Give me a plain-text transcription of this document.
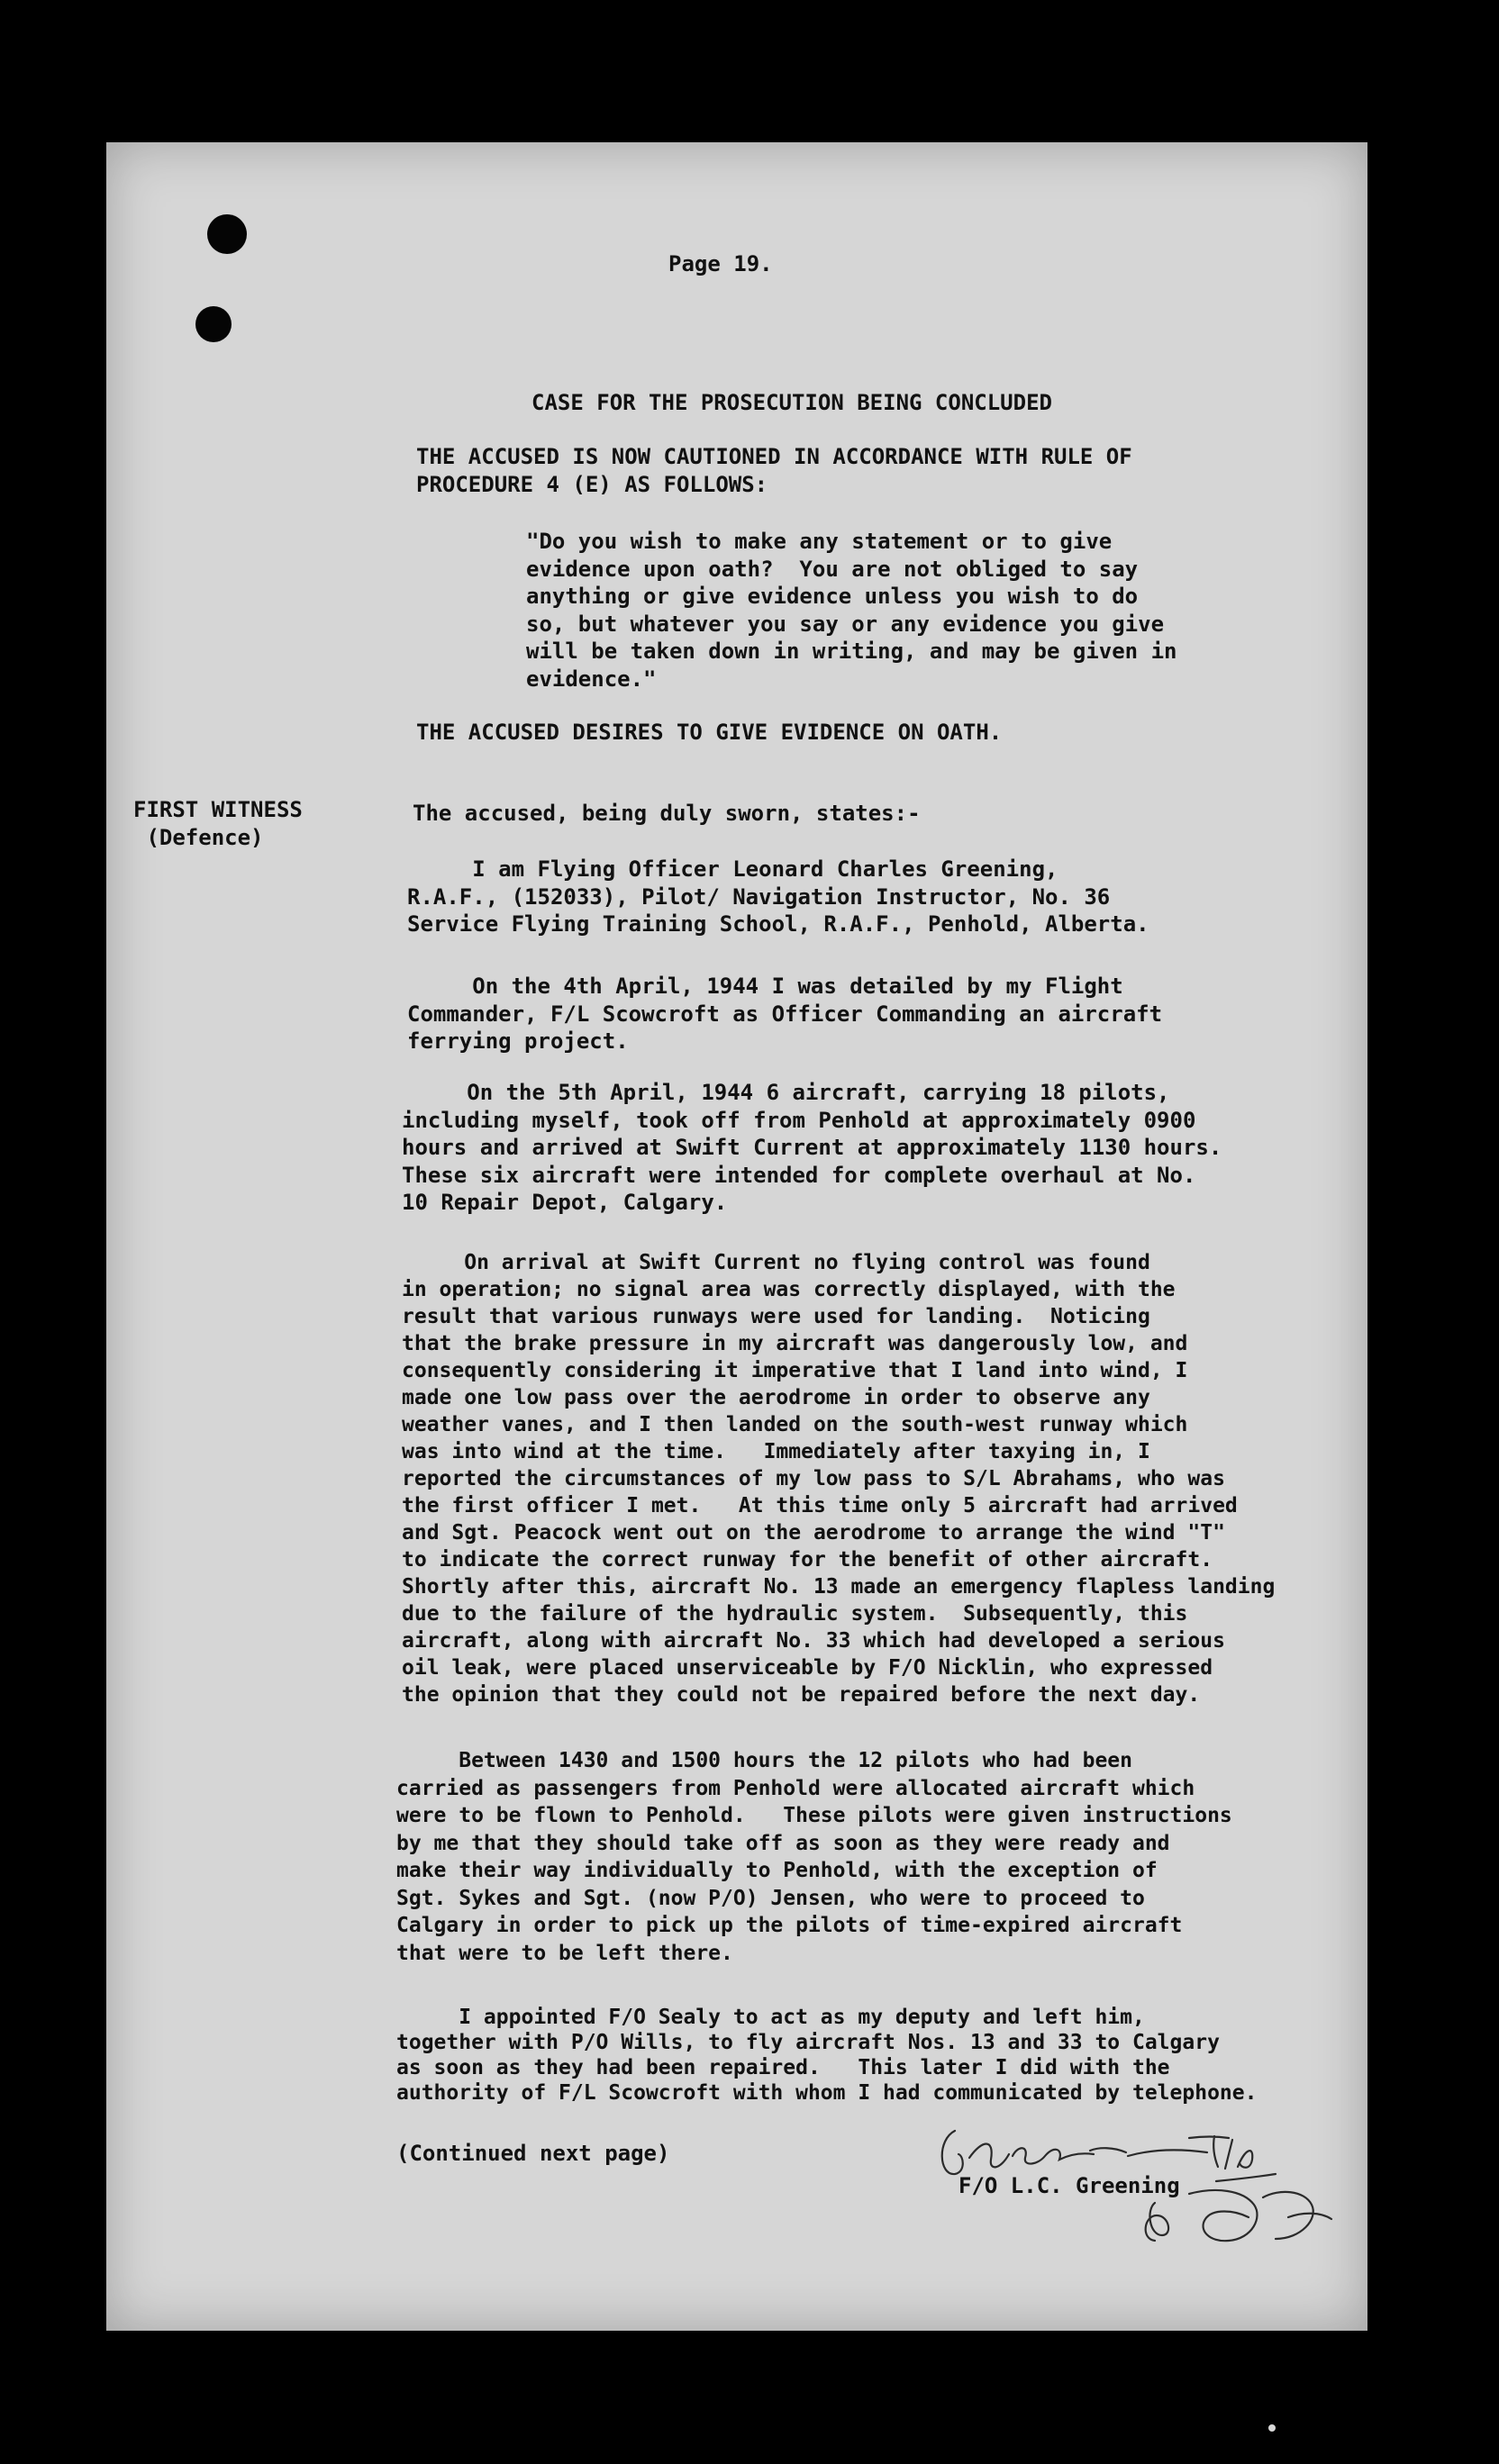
Page 19.

CASE FOR THE PROSECUTION BEING CONCLUDED

THE ACCUSED IS NOW CAUTIONED IN ACCORDANCE WITH RULE OF
PROCEDURE 4 (E) AS FOLLOWS:

"Do you wish to make any statement or to give
evidence upon oath?  You are not obliged to say
anything or give evidence unless you wish to do
so, but whatever you say or any evidence you give
will be taken down in writing, and may be given in
evidence."

THE ACCUSED DESIRES TO GIVE EVIDENCE ON OATH.

FIRST WITNESS
(Defence)

The accused, being duly sworn, states:-

I am Flying Officer Leonard Charles Greening,
R.A.F., (152033), Pilot/ Navigation Instructor, No. 36
Service Flying Training School, R.A.F., Penhold, Alberta.

On the 4th April, 1944 I was detailed by my Flight
Commander, F/L Scowcroft as Officer Commanding an aircraft
ferrying project.

On the 5th April, 1944 6 aircraft, carrying 18 pilots,
including myself, took off from Penhold at approximately 0900
hours and arrived at Swift Current at approximately 1130 hours.
These six aircraft were intended for complete overhaul at No.
10 Repair Depot, Calgary.

On arrival at Swift Current no flying control was found
in operation; no signal area was correctly displayed, with the
result that various runways were used for landing.  Noticing
that the brake pressure in my aircraft was dangerously low, and
consequently considering it imperative that I land into wind, I
made one low pass over the aerodrome in order to observe any
weather vanes, and I then landed on the south-west runway which
was into wind at the time.   Immediately after taxying in, I
reported the circumstances of my low pass to S/L Abrahams, who was
the first officer I met.   At this time only 5 aircraft had arrived
and Sgt. Peacock went out on the aerodrome to arrange the wind "T"
to indicate the correct runway for the benefit of other aircraft.
Shortly after this, aircraft No. 13 made an emergency flapless landing
due to the failure of the hydraulic system.  Subsequently, this
aircraft, along with aircraft No. 33 which had developed a serious
oil leak, were placed unserviceable by F/O Nicklin, who expressed
the opinion that they could not be repaired before the next day.

Between 1430 and 1500 hours the 12 pilots who had been
carried as passengers from Penhold were allocated aircraft which
were to be flown to Penhold.   These pilots were given instructions
by me that they should take off as soon as they were ready and
make their way individually to Penhold, with the exception of
Sgt. Sykes and Sgt. (now P/O) Jensen, who were to proceed to
Calgary in order to pick up the pilots of time-expired aircraft
that were to be left there.

I appointed F/O Sealy to act as my deputy and left him,
together with P/O Wills, to fly aircraft Nos. 13 and 33 to Calgary
as soon as they had been repaired.   This later I did with the
authority of F/L Scowcroft with whom I had communicated by telephone.

(Continued next page)

F/O L.C. Greening
